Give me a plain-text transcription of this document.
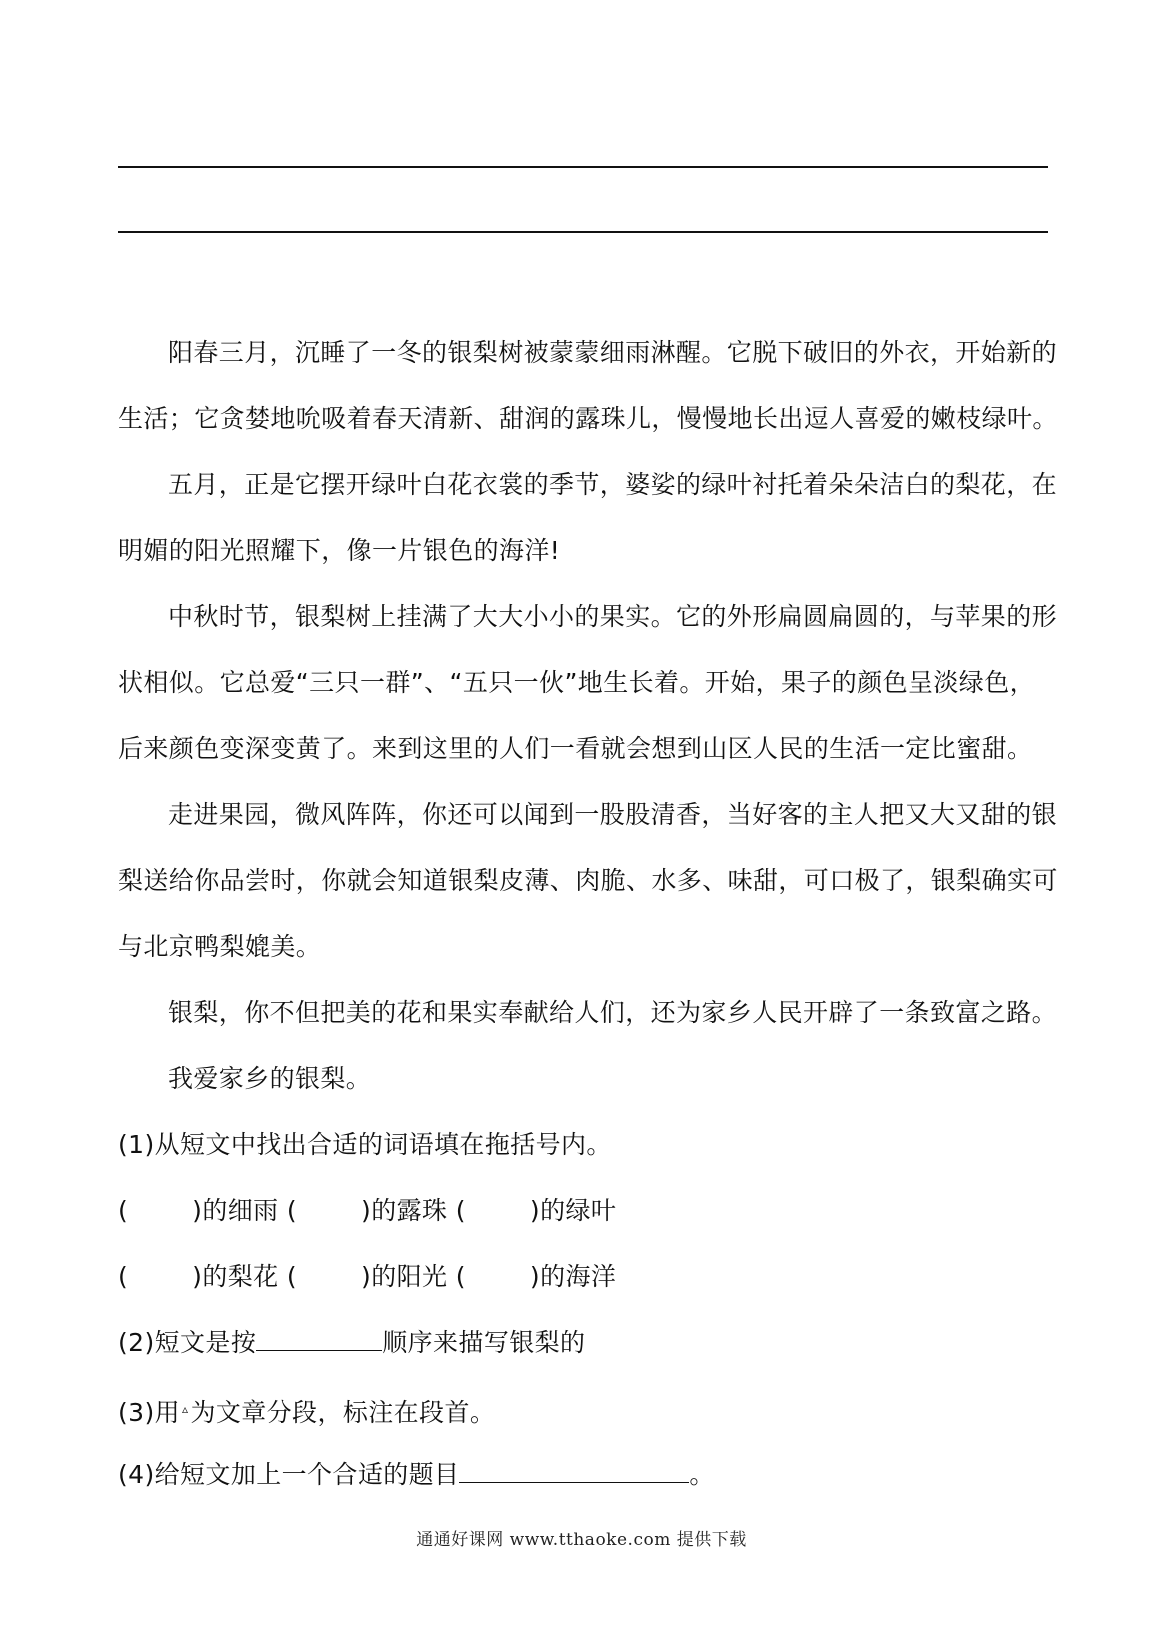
阳春三月，沉睡了一冬的银梨树被蒙蒙细雨淋醒。它脱下破旧的外衣，开始新的
生活；它贪婪地吮吸着春天清新、甜润的露珠儿，慢慢地长出逗人喜爱的嫩枝绿叶。
五月，正是它摆开绿叶白花衣裳的季节，婆娑的绿叶衬托着朵朵洁白的梨花，在
明媚的阳光照耀下，像一片银色的海洋!
中秋时节，银梨树上挂满了大大小小的果实。它的外形扁圆扁圆的，与苹果的形
状相似。它总爱“三只一群”、“五只一伙”地生长着。开始，果子的颜色呈淡绿色，
后来颜色变深变黄了。来到这里的人们一看就会想到山区人民的生活一定比蜜甜。
走进果园，微风阵阵，你还可以闻到一股股清香，当好客的主人把又大又甜的银
梨送给你品尝时，你就会知道银梨皮薄、肉脆、水多、味甜，可口极了，银梨确实可
与北京鸭梨媲美。
银梨，你不但把美的花和果实奉献给人们，还为家乡人民开辟了一条致富之路。
我爱家乡的银梨。
(1)从短文中找出合适的词语填在拖括号内。
(	)的细雨 (	)的露珠 (	)的绿叶
(	)的梨花 (	)的阳光 (	)的海洋
(2)短文是按	顺序来描写银梨的
(3)用 ▵为文章分段，标注在段首。
(4)给短文加上一个合适的题目	。
通通好课网 www.tthaoke.com 提供下载
